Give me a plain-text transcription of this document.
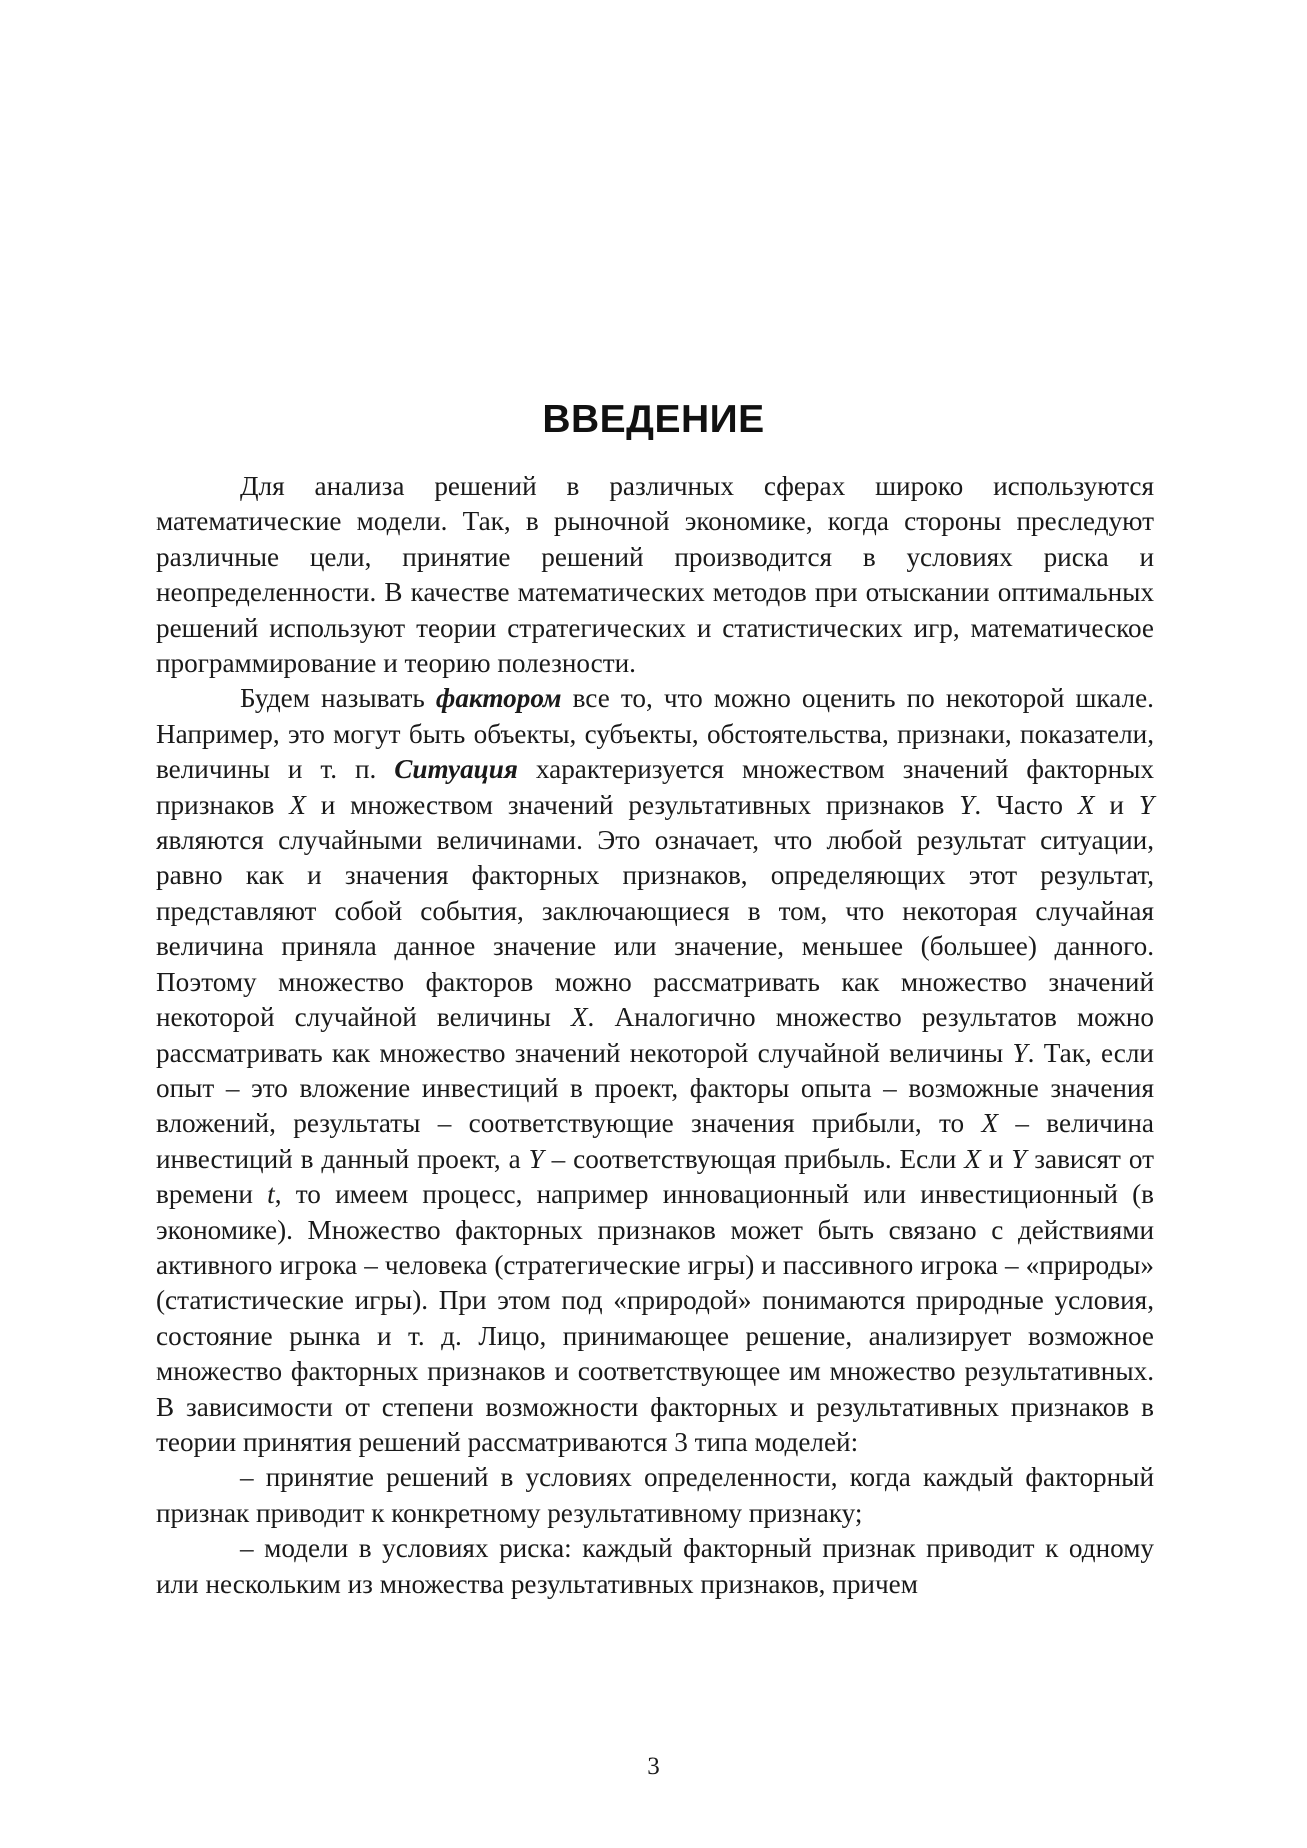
ВВЕДЕНИЕ

Для анализа решений в различных сферах широко используются математические модели. Так, в рыночной экономике, когда стороны преследуют различные цели, принятие решений производится в условиях риска и неопределенности. В качестве математических методов при отыскании оптимальных решений используют теории стратегических и статистических игр, математическое программирование и теорию полезности.

Будем называть фактором все то, что можно оценить по некоторой шкале. Например, это могут быть объекты, субъекты, обстоятельства, признаки, показатели, величины и т. п. Ситуация характеризуется множеством значений факторных признаков X и множеством значений результативных признаков Y. Часто X и Y являются случайными величинами. Это означает, что любой результат ситуации, равно как и значения факторных признаков, определяющих этот результат, представляют собой события, заключающиеся в том, что некоторая случайная величина приняла данное значение или значение, меньшее (большее) данного. Поэтому множество факторов можно рассматривать как множество значений некоторой случайной величины X. Аналогично множество результатов можно рассматривать как множество значений некоторой случайной величины Y. Так, если опыт – это вложение инвестиций в проект, факторы опыта – возможные значения вложений, результаты – соответствующие значения прибыли, то X – величина инвестиций в данный проект, а Y – соответствующая прибыль. Если X и Y зависят от времени t, то имеем процесс, например инновационный или инвестиционный (в экономике). Множество факторных признаков может быть связано с действиями активного игрока – человека (стратегические игры) и пассивного игрока – «природы» (статистические игры). При этом под «природой» понимаются природные условия, состояние рынка и т. д. Лицо, принимающее решение, анализирует возможное множество факторных признаков и соответствующее им множество результативных. В зависимости от степени возможности факторных и результативных признаков в теории принятия решений рассматриваются 3 типа моделей:

– принятие решений в условиях определенности, когда каждый факторный признак приводит к конкретному результативному признаку;

– модели в условиях риска: каждый факторный признак приводит к одному или нескольким из множества результативных признаков, причем

3
